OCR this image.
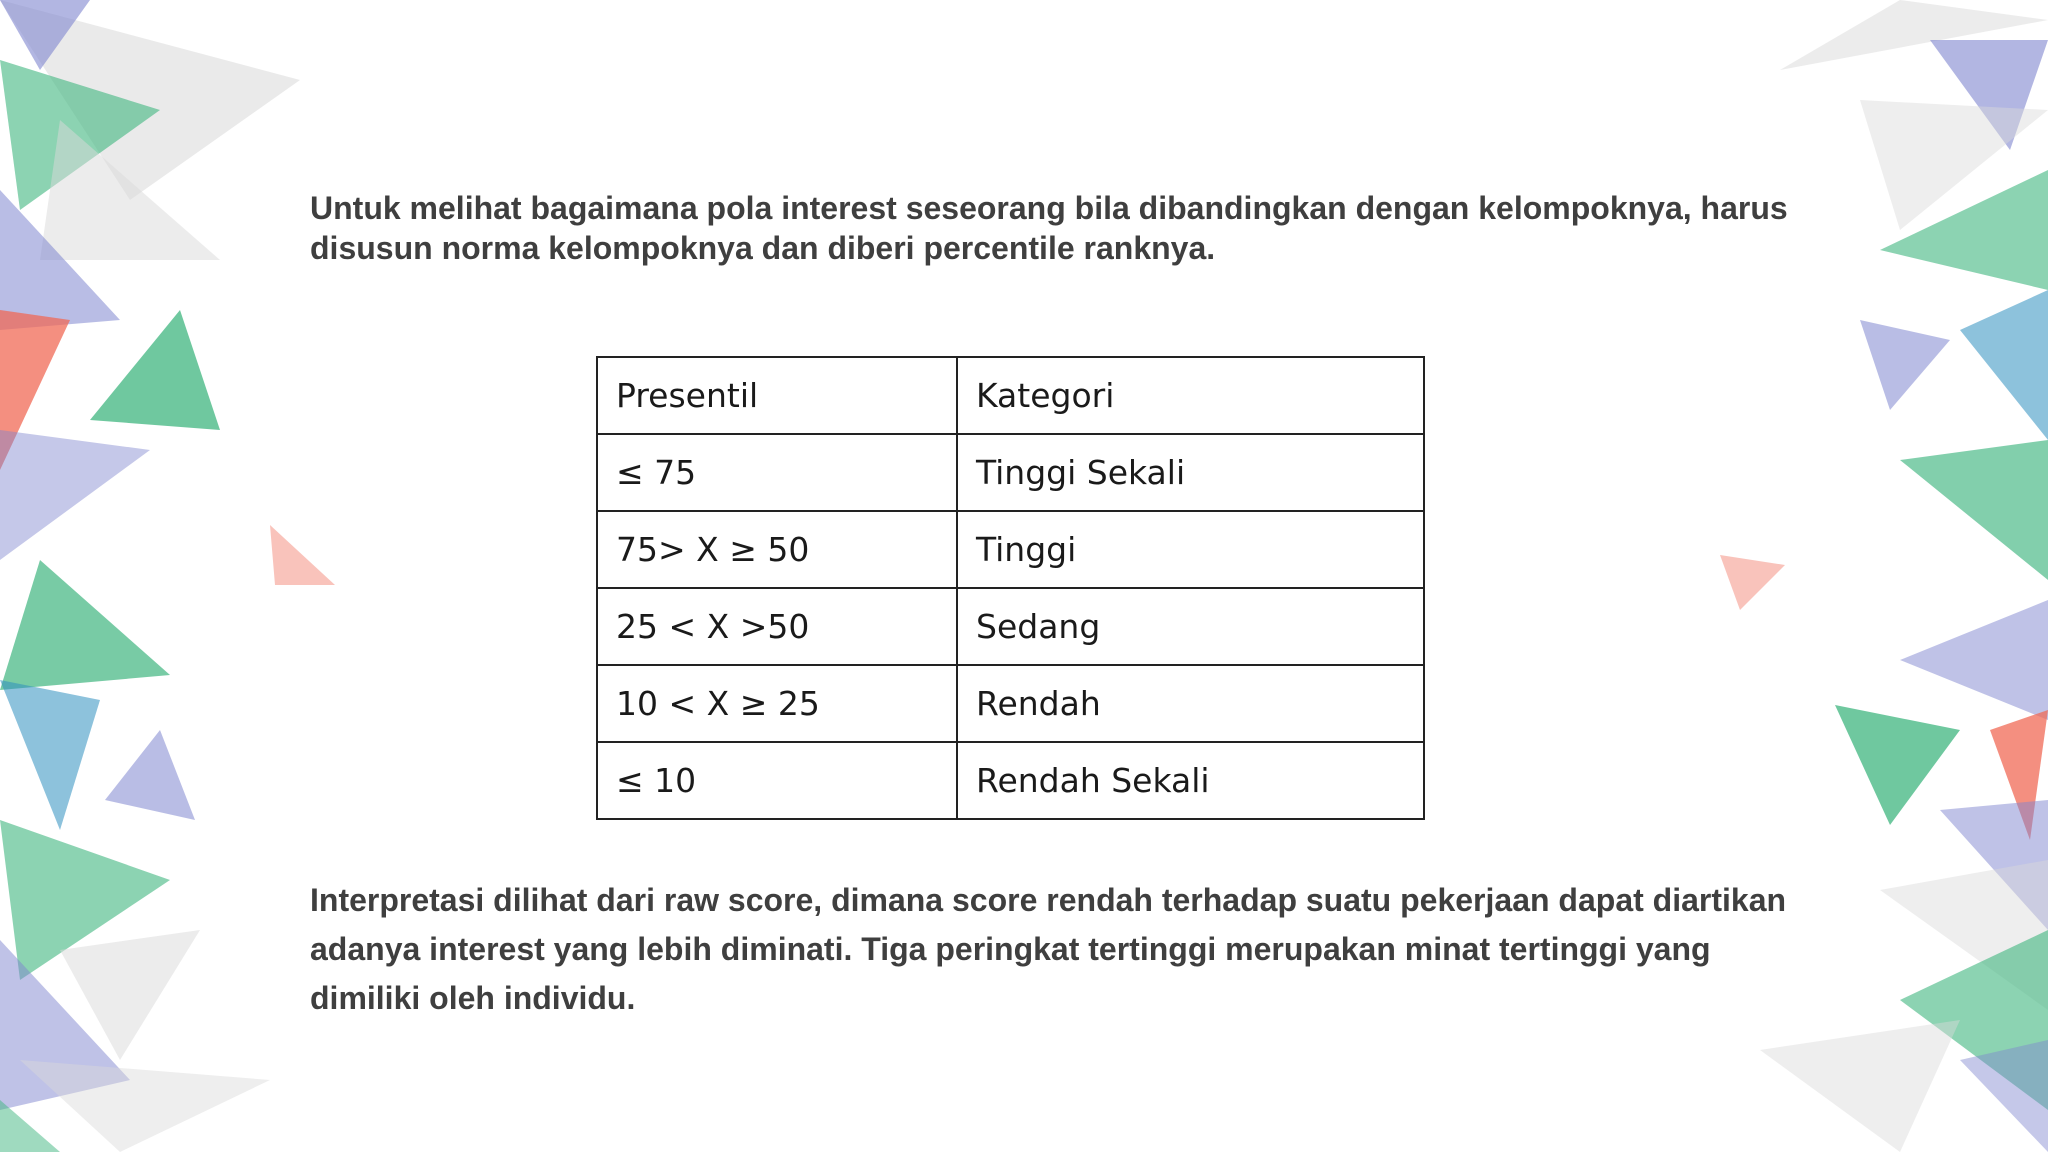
Untuk melihat bagaimana pola interest seseorang bila dibandingkan dengan kelompoknya, harus disusun norma kelompoknya dan diberi percentile ranknya.

Presentil	Kategori
≤ 75	Tinggi Sekali
75> X ≥ 50	Tinggi
25 < X >50	Sedang
10 < X ≥ 25	Rendah
≤ 10	Rendah Sekali

Interpretasi dilihat dari raw score, dimana score rendah terhadap suatu pekerjaan dapat diartikan adanya interest yang lebih diminati. Tiga peringkat tertinggi merupakan minat tertinggi yang dimiliki oleh individu.
